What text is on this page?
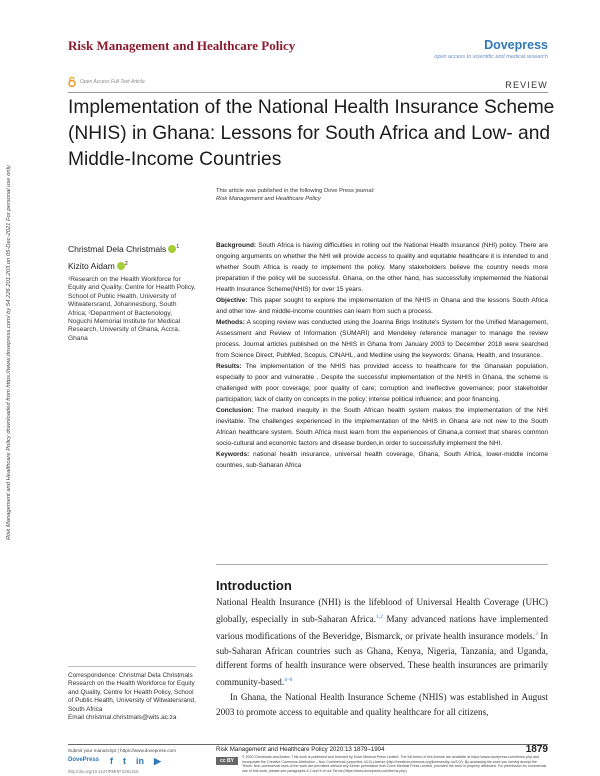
Risk Management and Healthcare Policy	Dovepress
open access to scientific and medical research
Open Access Full Text Article	REVIEW
Implementation of the National Health Insurance Scheme (NHIS) in Ghana: Lessons for South Africa and Low- and Middle-Income Countries
This article was published in the following Dove Press journal:
Risk Management and Healthcare Policy
Risk Management and Healthcare Policy downloaded from https://www.dovepress.com/ by 54.226.201.203 on 05-Dec-2021 For personal use only.	Christmal Dela Christmals $^1$
Kizito Aidam $^2$
¹Research on the Health Workforce for Equity and Quality, Centre for Health Policy, School of Public Health, University of Witwatersrand, Johannesburg, South Africa; ²Department of Bacteriology, Noguchi Memorial Institute for Medical Research, University of Ghana, Accra, Ghana

Background: South Africa is having difficulties in rolling out the National Health Insurance (NHI) policy. There are ongoing arguments on whether the NHI will provide access to quality and equitable healthcare it is intended to and whether South Africa is ready to implement the policy. Many stakeholders believe the country needs more preparation if the policy will be successful. Ghana, on the other hand, has successfully implemented the National Health Insurance Scheme(NHIS) for over 15 years.

Objective: This paper sought to explore the implementation of the NHIS in Ghana and the lessons South Africa and other low- and middle-income countries can learn from such a process.

Methods: A scoping review was conducted using the Joanna Brigs Institute's System for the Unified Management, Assessment and Review of Information (SUMARI) and Mendeley reference manager to manage the review process. Journal articles published on the NHIS in Ghana from January 2003 to December 2018 were searched from Science Direct, PubMed, Scopus, CINAHL, and Medline using the keywords: Ghana, Health, and Insurance.

Results: The implementation of the NHIS has provided access to healthcare for the Ghanaian population, especially to poor and vulnerable . Despite the successful implementation of the NHIS in Ghana, the scheme is challenged with poor coverage; poor quality of care; corruption and ineffective governance; poor stakeholder participation; lack of clarity on concepts in the policy; intense political influence; and poor financing.

Conclusion: The marked inequity in the South African health system makes the implementation of the NHI inevitable. The challenges experienced in the implementation of the NHIS in Ghana are not new to the South African healthcare system. South Africa must learn from the experiences of Ghana,a context that shares common socio-cultural and economic factors and disease burden,in order to successfully implement the NHI.

Keywords: national health insurance, universal health coverage, Ghana, South Africa, lower-middle income countries, sub-Saharan Africa

Introduction

National Health Insurance (NHI) is the lifeblood of Universal Health Coverage (UHC) globally, especially in sub-Saharan Africa.$^{1,2}$ Many advanced nations have implemented various modifications of the Beveridge, Bismarck, or private health insurance models.$^3$ In sub-Saharan African countries such as Ghana, Kenya, Nigeria, Tanzania, and Uganda, different forms of health insurance were observed. These health insurances are primarily community-based.$^{4-6}$

In Ghana, the National Health Insurance Scheme (NHIS) was established in August 2003 to promote access to equitable and quality healthcare for all citizens,

Correspondence: Christmal Dela Christmals
Research on the Health Workforce for Equity and Quality, Centre for Health Policy, School of Public Health, University of Witwatersrand, South Africa
Email christmal.christmals@wits.ac.za
Submit your manuscript | https://www.dovepress.com
DovePress f t in ▶
http://doi.org/10.2147/RMHP.S261315
Risk Management and Healthcare Policy 2020:13 1879–1904	1879
cc BY NC
© 2020 Christmals and Aidam. This work is published and licensed by Dove Medical Press Limited. The full terms of this license are available at https://www.dovepress.com/terms.php and incorporate the Creative Commons Attribution – Non Commercial (unported, v3.0) License (http://creativecommons.org/licenses/by-nc/3.0/). By accessing the work you hereby accept the Terms. Non-commercial uses of the work are permitted without any further permission from Dove Medical Press Limited, provided the work is properly attributed. For permission for commercial use of this work, please see paragraphs 4.2 and 5 of our Terms (https://www.dovepress.com/terms.php).
